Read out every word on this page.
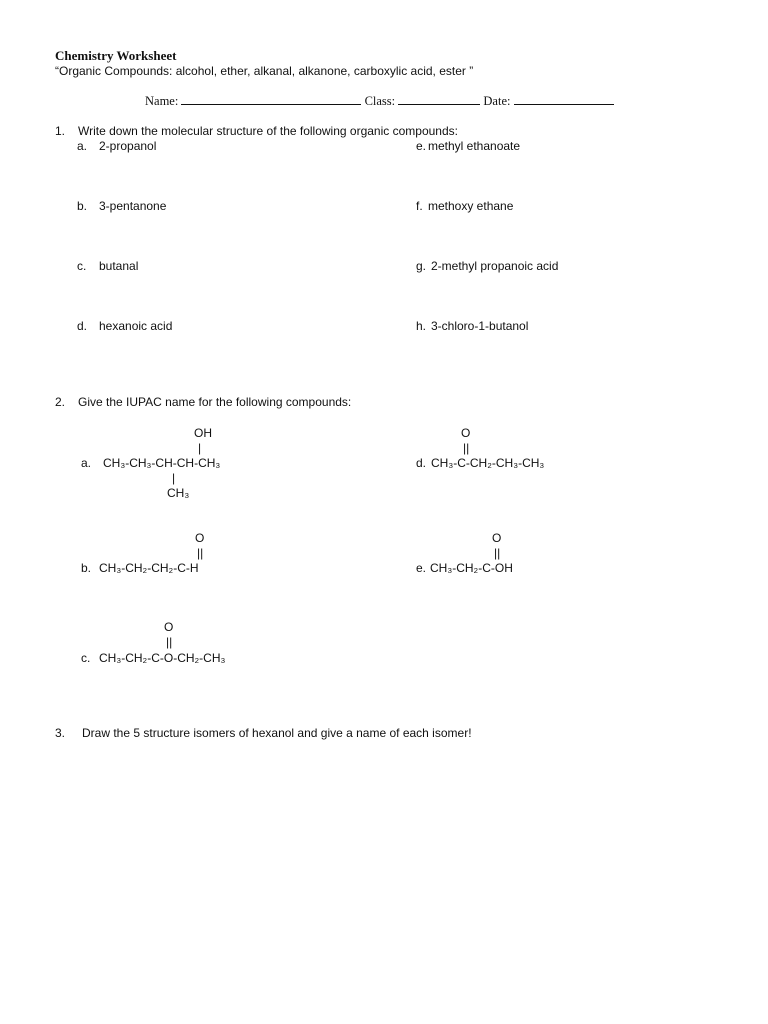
Chemistry Worksheet
“Organic Compounds: alcohol, ether, alkanal, alkanone, carboxylic acid, ester ”
Name:	Class:	Date:
1. Write down the molecular structure of the following organic compounds:
a. 2-propanol	e. methyl ethanoate
b. 3-pentanone	f. methoxy ethane
c. butanal	g. 2-methyl propanoic acid
d. hexanoic acid	h. 3-chloro-1-butanol
2. Give the IUPAC name for the following compounds:
OH
|
a. CH₃-CH₃-CH-CH-CH₃
|
CH₃
O
||
d. CH₃-C-CH₂-CH₃-CH₃
O
||
b. CH₃-CH₂-CH₂-C-H
O
||
e. CH₃-CH₂-C-OH
O
||
c. CH₃-CH₂-C-O-CH₂-CH₃
3. Draw the 5 structure isomers of hexanol and give a name of each isomer!
